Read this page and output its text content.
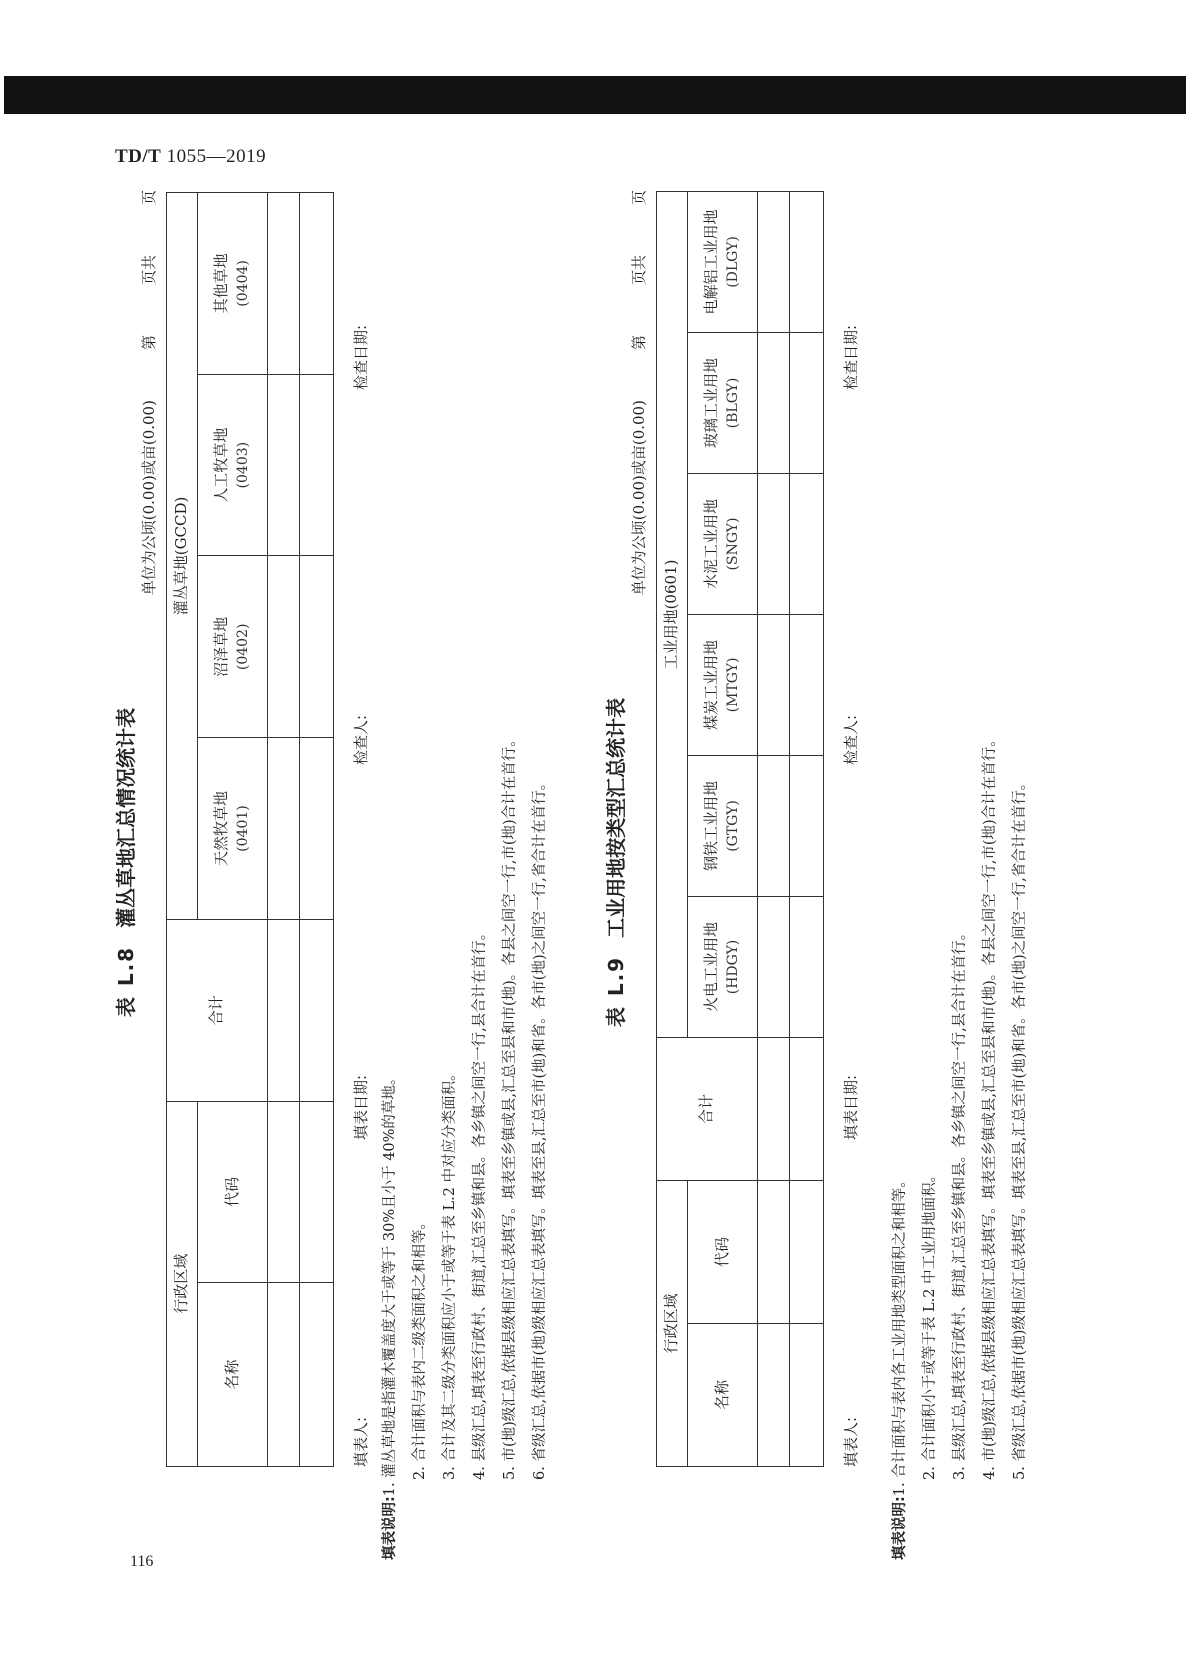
TD/T 1055—2019
116
表 L.8灌丛草地汇总情况统计表
单位为公顷(0.00)或亩(0.00)第页共页
行政区域		合计	灌丛草地(GCCD)			
名称	代码		天然牧草地 (0401)	沼泽草地 (0402)	人工牧草地 (0403)	其他草地 (0404)

填表人:
填表日期:
检查人:
检查日期:
填表说明:1. 灌丛草地是指灌木覆盖度大于或等于 30%且小于 40%的草地。 2. 合计面积与表内二级类面积之和相等。 3. 合计及其二级分类面积应小于或等于表 L.2 中对应分类面积。 4. 县级汇总,填表至行政村、街道,汇总至乡镇和县。各乡镇之间空一行,县合计在首行。 5. 市(地)级汇总,依据县级相应汇总表填写。填表至乡镇或县,汇总至县和市(地)。各县之间空一行,市(地)合计在首行。 6. 省级汇总,依据市(地)级相应汇总表填写。填表至县,汇总至市(地)和省。各市(地)之间空一行,省合计在首行。	表 L.9工业用地按类型汇总统计表
单位为公顷(0.00)或亩(0.00)第页共页
行政区域		合计	工业用地(0601)					
名称	代码		火电工业用地 (HDGY)	钢铁工业用地 (GTGY)	煤炭工业用地 (MTGY)	水泥工业用地 (SNGY)	玻璃工业用地 (BLGY)	电解铝工业用地 (DLGY)

填表人:
填表日期:
检查人:
检查日期:
填表说明:1. 合计面积与表内各工业用地类型面积之和相等。 2. 合计面积小于或等于表 L.2 中工业用地面积。 3. 县级汇总,填表至行政村、街道,汇总至乡镇和县。各乡镇之间空一行,县合计在首行。 4. 市(地)级汇总,依据县级相应汇总表填写。填表至乡镇或县,汇总至县和市(地)。各县之间空一行,市(地)合计在首行。 5. 省级汇总,依据市(地)级相应汇总表填写。填表至县,汇总至市(地)和省。各市(地)之间空一行,省合计在首行。
